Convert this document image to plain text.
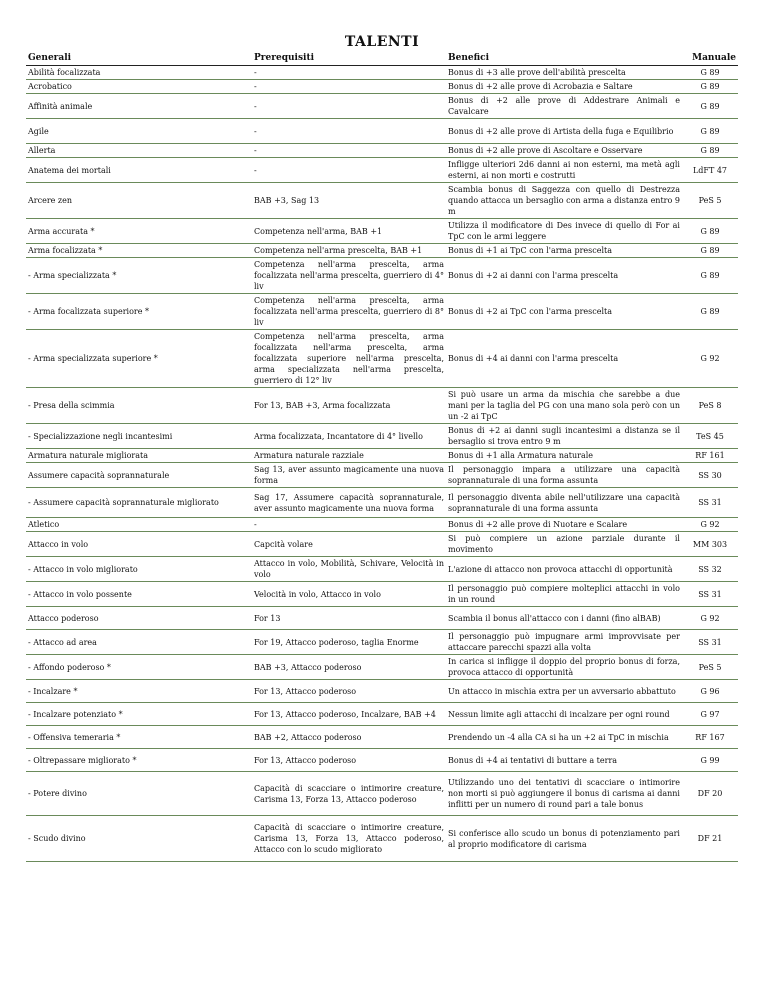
TALENTI
Generali	Prerequisiti	Benefici	Manuale
Abilità focalizzata	-	Bonus di +3 alle prove dell'abilità prescelta	G 89
Acrobatico	-	Bonus di +2 alle prove di Acrobazia e Saltare	G 89
Affinità animale	-	Bonus di +2 alle prove di Addestrare Animali e Cavalcare	G 89
Agile	-	Bonus di +2 alle prove di Artista della fuga e Equilibrio	G 89
Allerta	-	Bonus di +2 alle prove di Ascoltare e Osservare	G 89
Anatema dei mortali	-	Infligge ulteriori 2d6 danni ai non esterni, ma metà agli esterni, ai non morti e costrutti	LdFT 47
Arcere zen	BAB +3, Sag 13	Scambia bonus di Saggezza con quello di Destrezza quando attacca un bersaglio con arma a distanza entro 9 m	PeS 5
Arma accurata *	Competenza nell'arma, BAB +1	Utilizza il modificatore di Des invece di quello di For ai TpC con le armi leggere	G 89
Arma focalizzata *	Competenza nell'arma prescelta, BAB +1	Bonus di +1 ai TpC con l'arma prescelta	G 89
- Arma specializzata *	Competenza nell'arma prescelta, arma focalizzata nell'arma prescelta, guerriero di 4° liv	Bonus di +2 ai danni con l'arma prescelta	G 89
- Arma focalizzata superiore *	Competenza nell'arma prescelta, arma focalizzata nell'arma prescelta, guerriero di 8° liv	Bonus di +2 ai TpC con l'arma prescelta	G 89
- Arma specializzata superiore *	Competenza nell'arma prescelta, arma focalizzata nell'arma prescelta, arma focalizzata superiore nell'arma prescelta, arma specializzata nell'arma prescelta, guerriero di 12° liv	Bonus di +4 ai danni con l'arma prescelta	G 92
- Presa della scimmia	For 13, BAB +3, Arma focalizzata	Si può usare un arma da mischia che sarebbe a due mani per la taglia del PG con una mano sola però con un un -2 ai TpC	PeS 8
- Specializzazione negli incantesimi	Arma focalizzata, Incantatore di 4° livello	Bonus di +2 ai danni sugli incantesimi a distanza se il bersaglio si trova entro 9 m	TeS 45
Armatura naturale migliorata	Armatura naturale razziale	Bonus di +1 alla Armatura naturale	RF 161
Assumere capacità soprannaturale	Sag 13, aver assunto magicamente una nuova forma	Il personaggio impara a utilizzare una capacità soprannaturale di una forma assunta	SS 30
- Assumere capacità soprannaturale migliorato	Sag 17, Assumere capacità soprannaturale, aver assunto magicamente una nuova forma	Il personaggio diventa abile nell'utilizzare una capacità soprannaturale di una forma assunta	SS 31
Atletico	-	Bonus di +2 alle prove di Nuotare e Scalare	G 92
Attacco in volo	Capcità volare	Si può compiere un azione parziale durante il movimento	MM 303
- Attacco in volo migliorato	Attacco in volo, Mobilità, Schivare, Velocità in volo	L'azione di attacco non provoca attacchi di opportunità	SS 32
- Attacco in volo possente	Velocità in volo, Attacco in volo	Il personaggio può compiere molteplici attacchi in volo in un round	SS 31
Attacco poderoso	For 13	Scambia il bonus all'attacco con i danni (fino alBAB)	G 92
- Attacco ad area	For 19, Attacco poderoso, taglia Enorme	Il personaggio può impugnare armi improvvisate per attaccare parecchi spazzi alla volta	SS 31
- Affondo poderoso *	BAB +3, Attacco poderoso	In carica si infligge il doppio del proprio bonus di forza, provoca attacco di opportunità	PeS 5
- Incalzare *	For 13, Attacco poderoso	Un attacco in mischia extra per un avversario abbattuto	G 96
- Incalzare potenziato *	For 13, Attacco poderoso, Incalzare, BAB +4	Nessun limite agli attacchi di incalzare per ogni round	G 97
- Offensiva temeraria *	BAB +2, Attacco poderoso	Prendendo un -4 alla CA si ha un +2 ai TpC in mischia	RF 167
- Oltrepassare migliorato *	For 13, Attacco poderoso	Bonus di +4 ai tentativi di buttare a terra	G 99
- Potere divino	Capacità di scacciare o intimorire creature, Carisma 13, Forza 13, Attacco poderoso	Utilizzando uno dei tentativi di scacciare o intimorire non morti si può aggiungere il bonus di carisma ai danni inflitti per un numero di round pari a tale bonus	DF 20
- Scudo divino	Capacità di scacciare o intimorire creature, Carisma 13, Forza 13, Attacco poderoso, Attacco con lo scudo migliorato	Si conferisce allo scudo un bonus di potenziamento pari al proprio modificatore di carisma	DF 21
